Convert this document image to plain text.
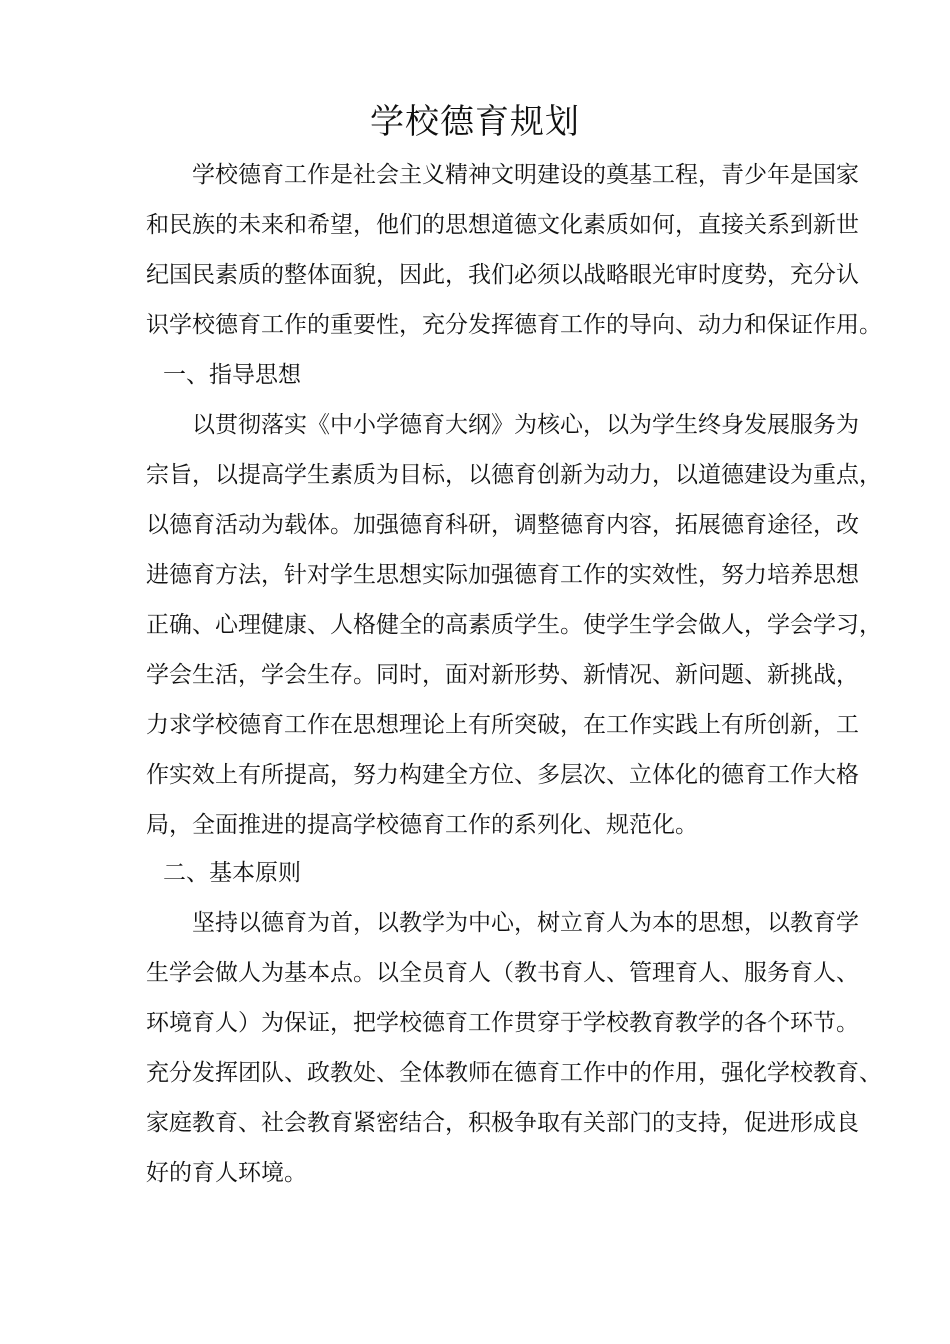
学校德育规划

　　学校德育工作是社会主义精神文明建设的奠基工程，青少年是国家

和民族的未来和希望，他们的思想道德文化素质如何，直接关系到新世

纪国民素质的整体面貌，因此，我们必须以战略眼光审时度势，充分认

识学校德育工作的重要性，充分发挥德育工作的导向、动力和保证作用。

一、指导思想

　　以贯彻落实《中小学德育大纲》为核心，以为学生终身发展服务为

宗旨，以提高学生素质为目标，以德育创新为动力，以道德建设为重点，

以德育活动为载体。加强德育科研，调整德育内容，拓展德育途径，改

进德育方法，针对学生思想实际加强德育工作的实效性，努力培养思想

正确、心理健康、人格健全的高素质学生。使学生学会做人，学会学习，

学会生活，学会生存。同时，面对新形势、新情况、新问题、新挑战，

力求学校德育工作在思想理论上有所突破，在工作实践上有所创新，工

作实效上有所提高，努力构建全方位、多层次、立体化的德育工作大格

局，全面推进的提高学校德育工作的系列化、规范化。

二、基本原则

　　坚持以德育为首，以教学为中心，树立育人为本的思想，以教育学

生学会做人为基本点。以全员育人（教书育人、管理育人、服务育人、

环境育人）为保证，把学校德育工作贯穿于学校教育教学的各个环节。

充分发挥团队、政教处、全体教师在德育工作中的作用，强化学校教育、

家庭教育、社会教育紧密结合，积极争取有关部门的支持，促进形成良

好的育人环境。
